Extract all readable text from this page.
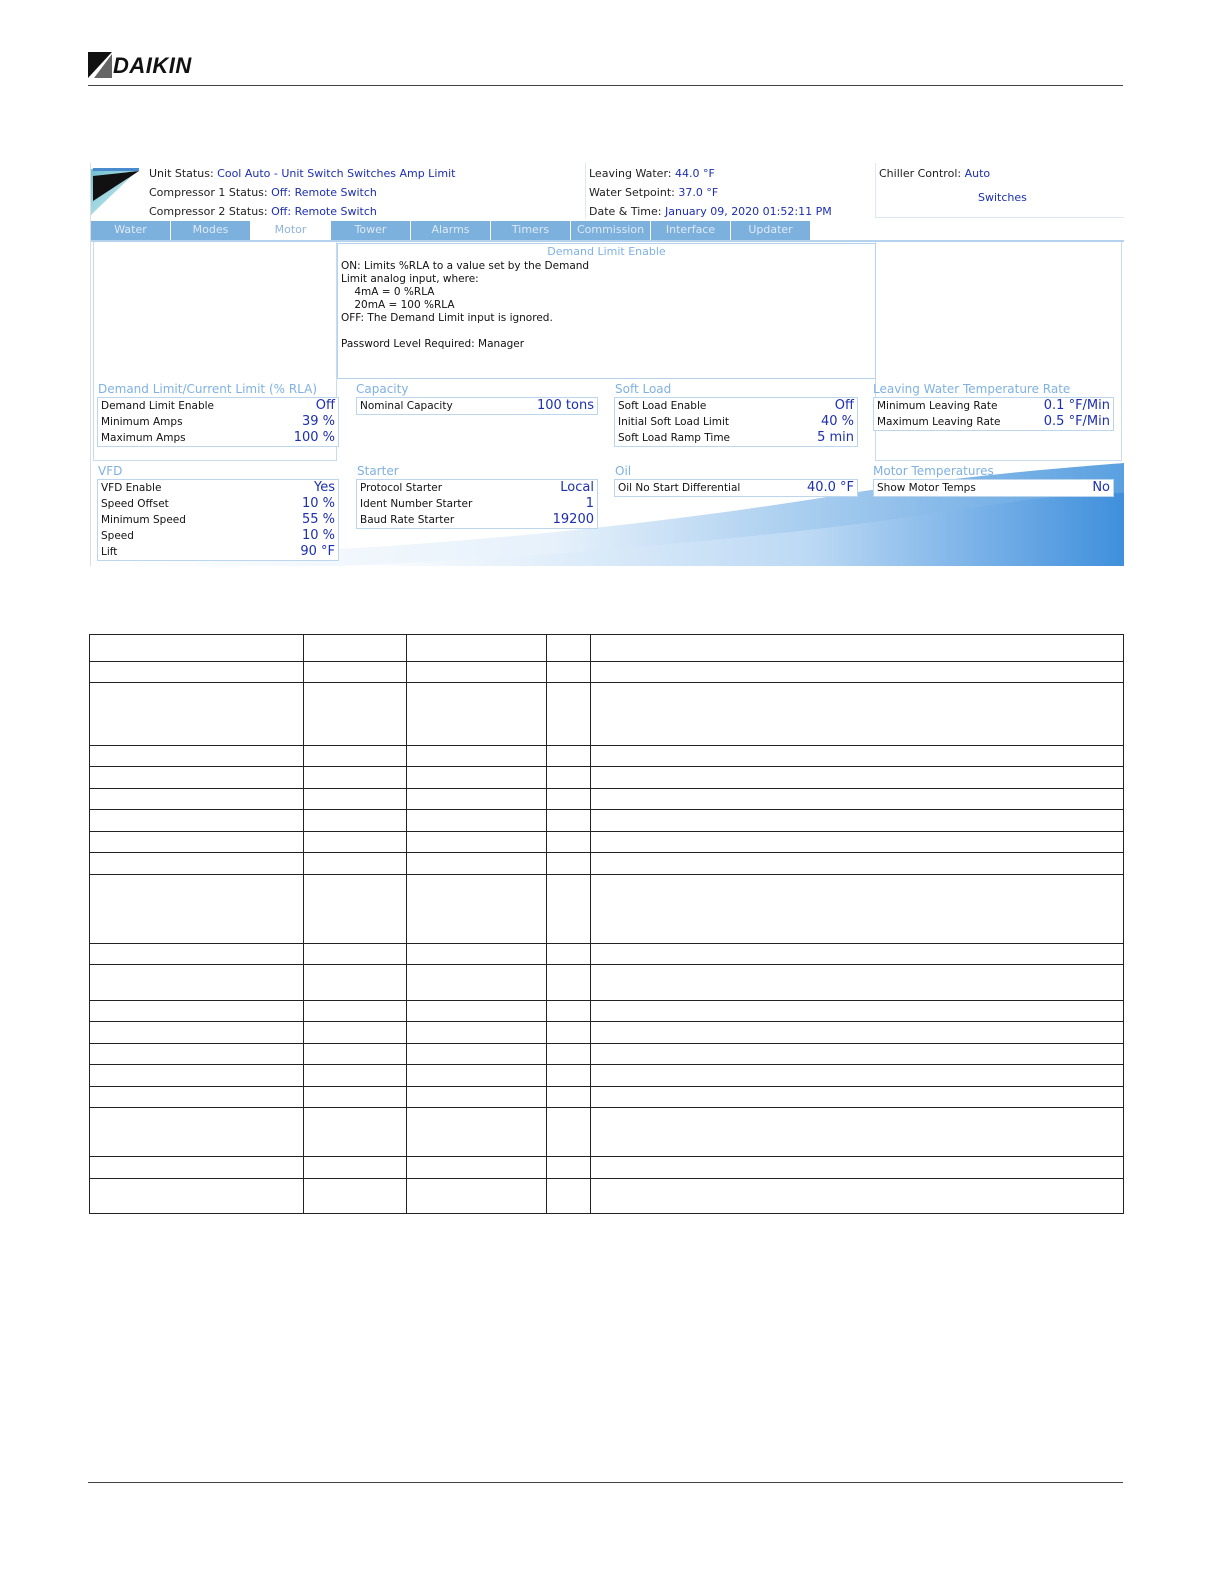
DAIKIN
Unit Status: Cool Auto - Unit Switch Switches Amp Limit
Compressor 1 Status: Off: Remote Switch
Compressor 2 Status: Off: Remote Switch
Leaving Water: 44.0 °F
Water Setpoint: 37.0 °F
Date & Time: January 09, 2020 01:52:11 PM
Chiller Control: Auto
Switches
Water	Modes	Motor	Tower	Alarms	Timers	Commission	Interface	Updater
Demand Limit Enable
ON: Limits %RLA to a value set by the Demand
Limit analog input, where:
4mA = 0 %RLA
20mA = 100 %RLA
OFF: The Demand Limit input is ignored.

Password Level Required: Manager
Demand Limit/Current Limit (% RLA)
Demand Limit Enable	Off
Minimum Amps	39 %
Maximum Amps	100 %
Capacity
Nominal Capacity	100 tons
Soft Load
Soft Load Enable	Off
Initial Soft Load Limit	40 %
Soft Load Ramp Time	5 min
Leaving Water Temperature Rate
Minimum Leaving Rate	0.1 °F/Min
Maximum Leaving Rate	0.5 °F/Min
VFD
VFD Enable	Yes
Speed Offset	10 %
Minimum Speed	55 %
Speed	10 %
Lift	90 °F
Starter
Protocol Starter	Local
Ident Number Starter	1
Baud Rate Starter	19200
Oil
Oil No Start Differential	40.0 °F
Motor Temperatures
Show Motor Temps	No
